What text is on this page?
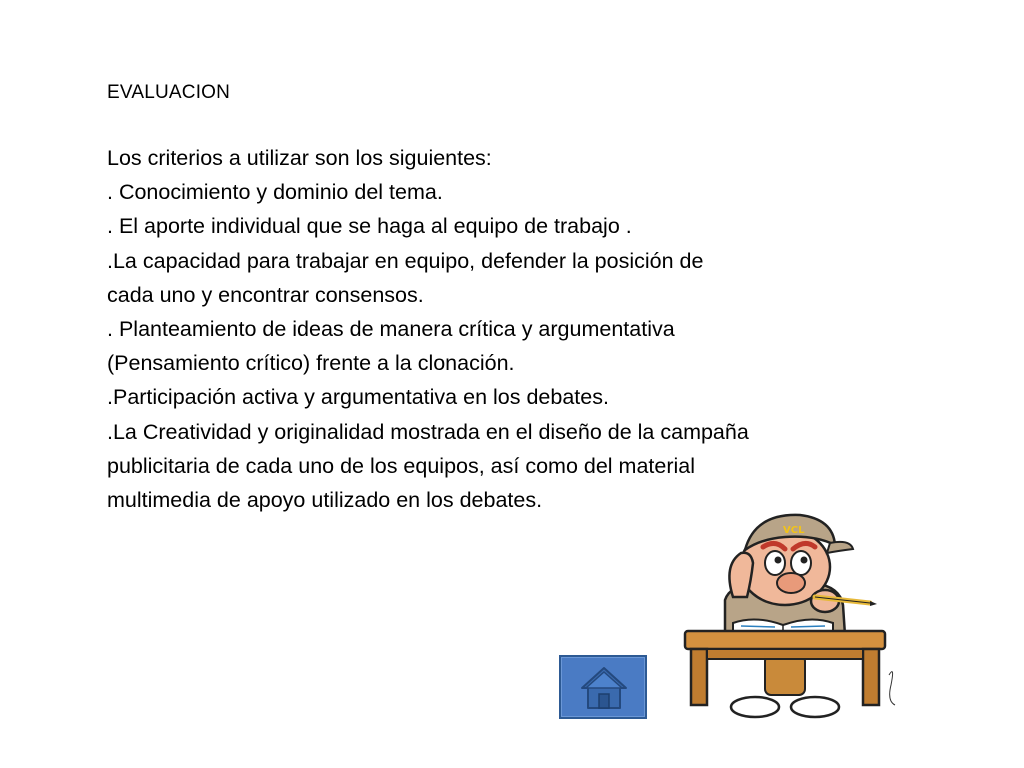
EVALUACION
Los criterios a utilizar son los siguientes:
. Conocimiento y dominio del tema.
. El aporte individual que se haga al equipo de trabajo .
.La capacidad para trabajar en equipo, defender la posición de
cada uno y encontrar consensos.
. Planteamiento de ideas de manera crítica y argumentativa
(Pensamiento crítico) frente a la clonación.
.Participación activa y argumentativa en los debates.
.La Creatividad y originalidad mostrada en el diseño de la campaña
publicitaria de cada uno de los equipos, así como del material
multimedia de apoyo utilizado en los debates.
VCL
